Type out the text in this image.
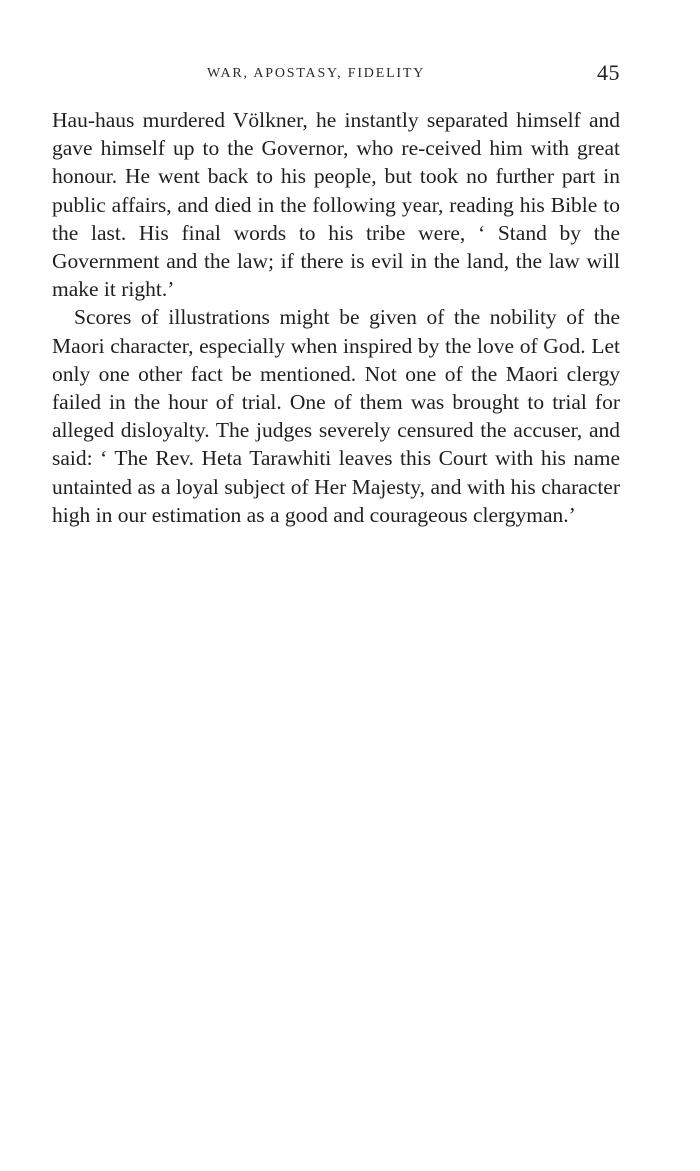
WAR, APOSTASY, FIDELITY	45

Hau-haus murdered Völkner, he instantly separated himself and gave himself up to the Governor, who re-ceived him with great honour. He went back to his people, but took no further part in public affairs, and died in the following year, reading his Bible to the last. His final words to his tribe were, ‘ Stand by the Government and the law; if there is evil in the land, the law will make it right.’

Scores of illustrations might be given of the nobility of the Maori character, especially when inspired by the love of God. Let only one other fact be mentioned. Not one of the Maori clergy failed in the hour of trial. One of them was brought to trial for alleged disloyalty. The judges severely censured the accuser, and said: ‘ The Rev. Heta Tarawhiti leaves this Court with his name untainted as a loyal subject of Her Majesty, and with his character high in our estimation as a good and courageous clergyman.’
